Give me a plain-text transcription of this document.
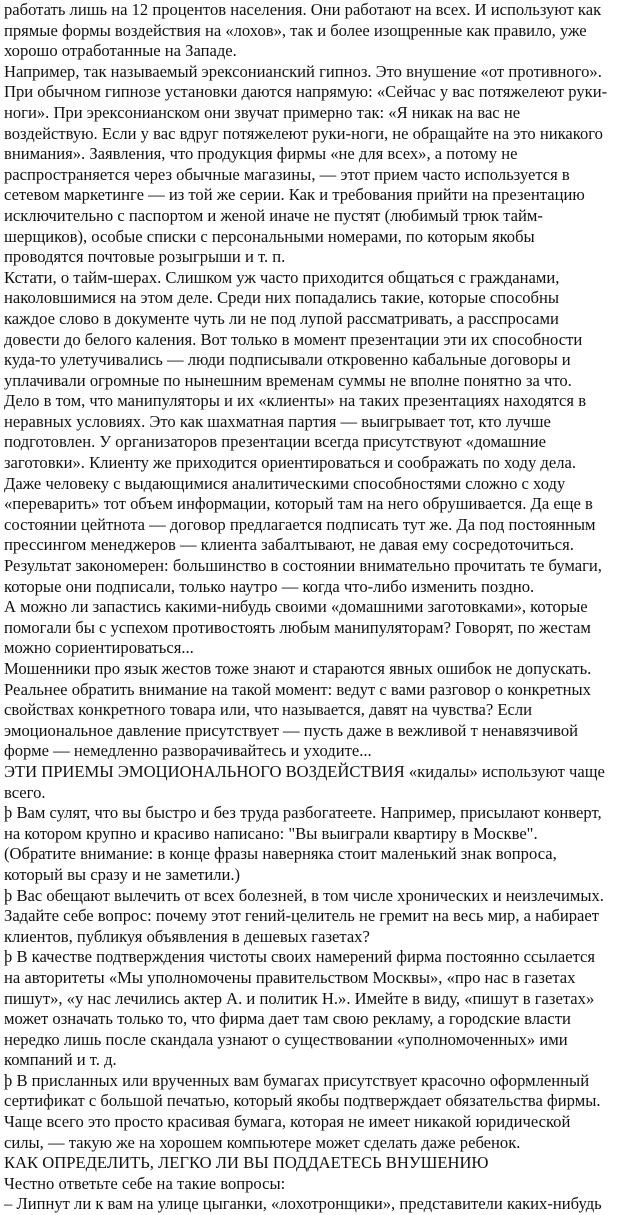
работать лишь на 12 процентов населения. Они работают на всех. И используют как прямые формы воздействия на «лохов», так и более изощренные как правило, уже хорошо отработанные на Западе.

Например, так называемый эрексонианский гипноз. Это внушение «от противного». При обычном гипнозе установки даются напрямую: «Сейчас у вас потяжелеют руки-ноги». При эрексонианском они звучат примерно так: «Я никак на вас не воздействую. Если у вас вдруг потяжелеют руки-ноги, не обращайте на это никакого внимания». Заявления, что продукция фирмы «не для всех», а потому не распространяется через обычные магазины, — этот прием часто используется в сетевом маркетинге — из той же серии. Как и требования прийти на презентацию исключительно с паспортом и женой иначе не пустят (любимый трюк тайм-шерщиков), особые списки с персональными номерами, по которым якобы проводятся почтовые розыгрыши и т. п.

Кстати, о тайм-шерах. Слишком уж часто приходится общаться с гражданами, наколовшимися на этом деле. Среди них попадались такие, которые способны каждое слово в документе чуть ли не под лупой рассматривать, а расспросами довести до белого каления. Вот только в момент презентации эти их способности куда-то улетучивались — люди подписывали откровенно кабальные договоры и уплачивали огромные по нынешним временам суммы не вполне понятно за что.

Дело в том, что манипуляторы и их «клиенты» на таких презентациях находятся в неравных условиях. Это как шахматная партия — выигрывает тот, кто лучше подготовлен. У организаторов презентации всегда присутствуют «домашние заготовки». Клиенту же приходится ориентироваться и соображать по ходу дела. Даже человеку с выдающимися аналитическими способностями сложно с ходу «переварить» тот объем информации, который там на него обрушивается. Да еще в состоянии цейтнота — договор предлагается подписать тут же. Да под постоянным прессингом менеджеров — клиента забалтывают, не давая ему сосредоточиться. Результат закономерен: большинство в состоянии внимательно прочитать те бумаги, которые они подписали, только наутро — когда что-либо изменить поздно.

А можно ли запастись какими-нибудь своими «домашними заготовками», которые помогали бы с успехом противостоять любым манипуляторам? Говорят, по жестам можно сориентироваться...

Мошенники про язык жестов тоже знают и стараются явных ошибок не допускать. Реальнее обратить внимание на такой момент: ведут с вами разговор о конкретных свойствах конкретного товара или, что называется, давят на чувства? Если эмоциональное давление присутствует — пусть даже в вежливой т ненавязчивой форме — немедленно разворачивайтесь и уходите...

ЭТИ ПРИЕМЫ ЭМОЦИОНАЛЬНОГО ВОЗДЕЙСТВИЯ «кидалы» используют чаще всего.

þ Вам сулят, что вы быстро и без труда разбогатеете. Например, присылают конверт, на котором крупно и красиво написано: "Вы выиграли квартиру в Москве". (Обратите внимание: в конце фразы наверняка стоит маленький знак вопроса, который вы сразу и не заметили.)

þ Вас обещают вылечить от всех болезней, в том числе хронических и неизлечимых. Задайте себе вопрос: почему этот гений-целитель не гремит на весь мир, а набирает клиентов, публикуя объявления в дешевых газетах?

þ В качестве подтверждения чистоты своих намерений фирма постоянно ссылается на авторитеты «Мы уполномочены правительством Москвы», «про нас в газетах пишут», «у нас лечились актер А. и политик Н.». Имейте в виду, «пишут в газетах» может означать только то, что фирма дает там свою рекламу, а городские власти нередко лишь после скандала узнают о существовании «уполномоченных» ими компаний и т. д.

þ В присланных или врученных вам бумагах присутствует красочно оформленный сертификат с большой печатью, который якобы подтверждает обязательства фирмы. Чаще всего это просто красивая бумага, которая не имеет никакой юридической силы, — такую же на хорошем компьютере может сделать даже ребенок.

КАК ОПРЕДЕЛИТЬ, ЛЕГКО ЛИ ВЫ ПОДДАЕТЕСЬ ВНУШЕНИЮ

Честно ответьте себе на такие вопросы:

– Липнут ли к вам на улице цыганки, «лохотронщики», представители каких-нибудь
